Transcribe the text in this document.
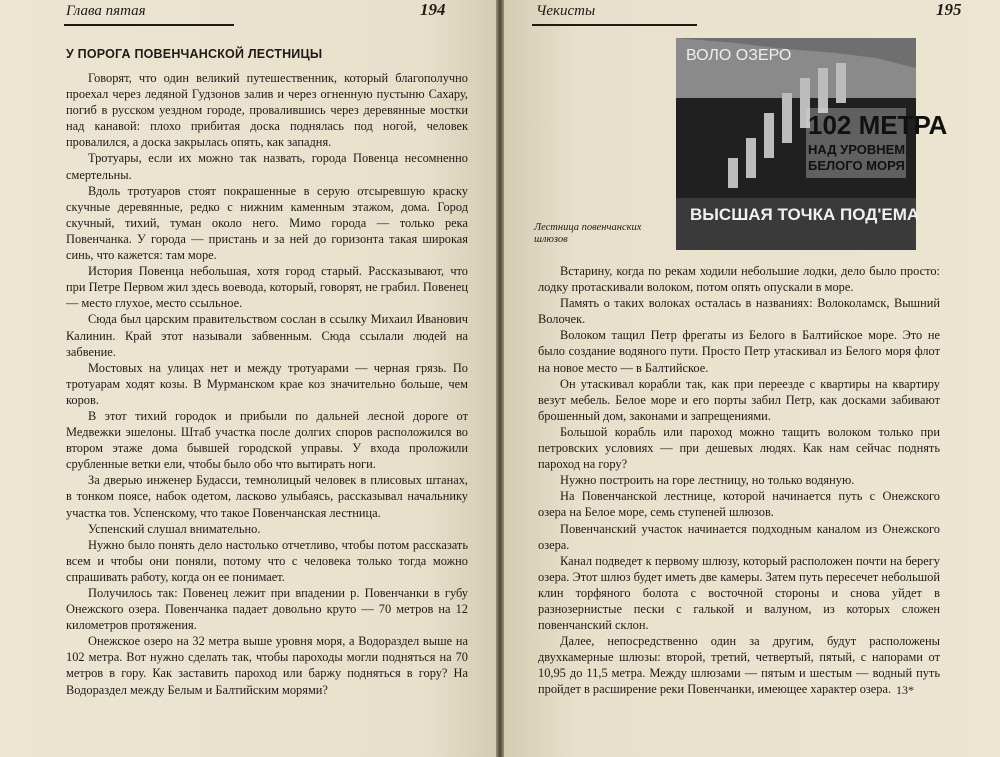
Глава пятая	194
У ПОРОГА ПОВЕНЧАНСКОЙ ЛЕСТНИЦЫ

Говорят, что один великий путешественник, который благополучно проехал через ледяной Гудзонов залив и через огненную пустыню Сахару, погиб в русском уездном городе, провалившись через деревянные мостки над канавой: плохо прибитая доска поднялась под ногой, человек провалился, а доска закрылась опять, как западня.

Тротуары, если их можно так назвать, города Повенца несомненно смертельны.

Вдоль тротуаров стоят покрашенные в серую отсыревшую краску скучные деревянные, редко с нижним каменным этажом, дома. Город скучный, тихий, туман около него. Мимо города — только река Повенчанка. У города — пристань и за ней до горизонта такая широкая синь, что кажется: там море.

История Повенца небольшая, хотя город старый. Рассказывают, что при Петре Первом жил здесь воевода, который, говорят, не грабил. Повенец — место глухое, место ссыльное.

Сюда был царским правительством сослан в ссылку Михаил Иванович Калинин. Край этот называли забвенным. Сюда ссылали людей на забвение.

Мостовых на улицах нет и между тротуарами — черная грязь. По тротуарам ходят козы. В Мурманском крае коз значительно больше, чем коров.

В этот тихий городок и прибыли по дальней лесной дороге от Медвежки эшелоны. Штаб участка после долгих споров расположился во втором этаже дома бывшей городской управы. У входа проложили срубленные ветки ели, чтобы было обо что вытирать ноги.

За дверью инженер Будасси, темнолицый человек в плисовых штанах, в тонком поясе, набок одетом, ласково улыбаясь, рассказывал начальнику участка тов. Успенскому, что такое Повенчанская лестница.

Успенский слушал внимательно.

Нужно было понять дело настолько отчетливо, чтобы потом рассказать всем и чтобы они поняли, потому что с человека только тогда можно спрашивать работу, когда он ее понимает.

Получилось так: Повенец лежит при впадении р. Повенчанки в губу Онежского озера. Повенчанка падает довольно круто — 70 метров на 12 километров протяжения.

Онежское озеро на 32 метра выше уровня моря, а Водораздел выше на 102 метра. Вот нужно сделать так, чтобы пароходы могли подняться на 70 метров в гору. Как заставить пароход или баржу подняться в гору? На Водораздел между Белым и Балтийским морями?

Чекисты	195
ВОЛО ОЗЕРО
102 МЕТРА
НАД УРОВНЕМ
БЕЛОГО МОРЯ
ВЫСШАЯ ТОЧКА ПОД'ЕМА
Лестница повенчанских шлюзов

Встарину, когда по рекам ходили небольшие лодки, дело было просто: лодку протаскивали волоком, потом опять опускали в море.

Память о таких волоках осталась в названиях: Волоколамск, Вышний Волочек.

Волоком тащил Петр фрегаты из Белого в Балтийское море. Это не было создание водяного пути. Просто Петр утаскивал из Белого моря флот на новое место — в Балтийское.

Он утаскивал корабли так, как при переезде с квартиры на квартиру везут мебель. Белое море и его порты забил Петр, как досками забивают брошенный дом, законами и запрещениями.

Большой корабль или пароход можно тащить волоком только при петровских условиях — при дешевых людях. Как нам сейчас поднять пароход на гору?

Нужно построить на горе лестницу, но только водяную.

На Повенчанской лестнице, которой начинается путь с Онежского озера на Белое море, семь ступеней шлюзов.

Повенчанский участок начинается подходным каналом из Онежского озера.

Канал подведет к первому шлюзу, который расположен почти на берегу озера. Этот шлюз будет иметь две камеры. Затем путь пересечет небольшой клин торфяного болота с восточной стороны и снова уйдет в разнозернистые пески с галькой и валуном, из которых сложен повенчанский склон.

Далее, непосредственно один за другим, будут расположены двухкамерные шлюзы: второй, третий, четвертый, пятый, с напорами от 10,95 до 11,5 метра. Между шлюзами — пятым и шестым — водный путь пройдет в расширение реки Повенчанки, имеющее характер озера. 13*
